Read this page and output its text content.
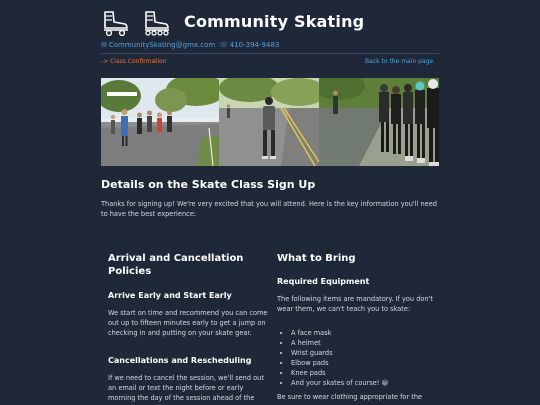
Community Skating
✉ CommunitySkating@gmx.com ☏ 410-394-9483
-> Class Confirmation	Back to the main page.
Details on the Skate Class Sign Up
Thanks for signing up! We're very excited that you will attend. Here is the key information you'll need to have the best experience:
Arrival and Cancellation Policies
Arrive Early and Start Early

We start on time and recommend you can come out up to fifteen minutes early to get a jump on checking in and putting on your skate gear.

Cancellations and Rescheduling

If we need to cancel the session, we'll send out an email or text the night before or early morning the day of the session ahead of the

What to Bring
Required Equipment

The following items are mandatory. If you don't wear them, we can't teach you to skate:

• A face mask
• A helmet
• Wrist guards
• Elbow pads
• Knee pads
• And your skates of course! 😁

Be sure to wear clothing appropriate for the
